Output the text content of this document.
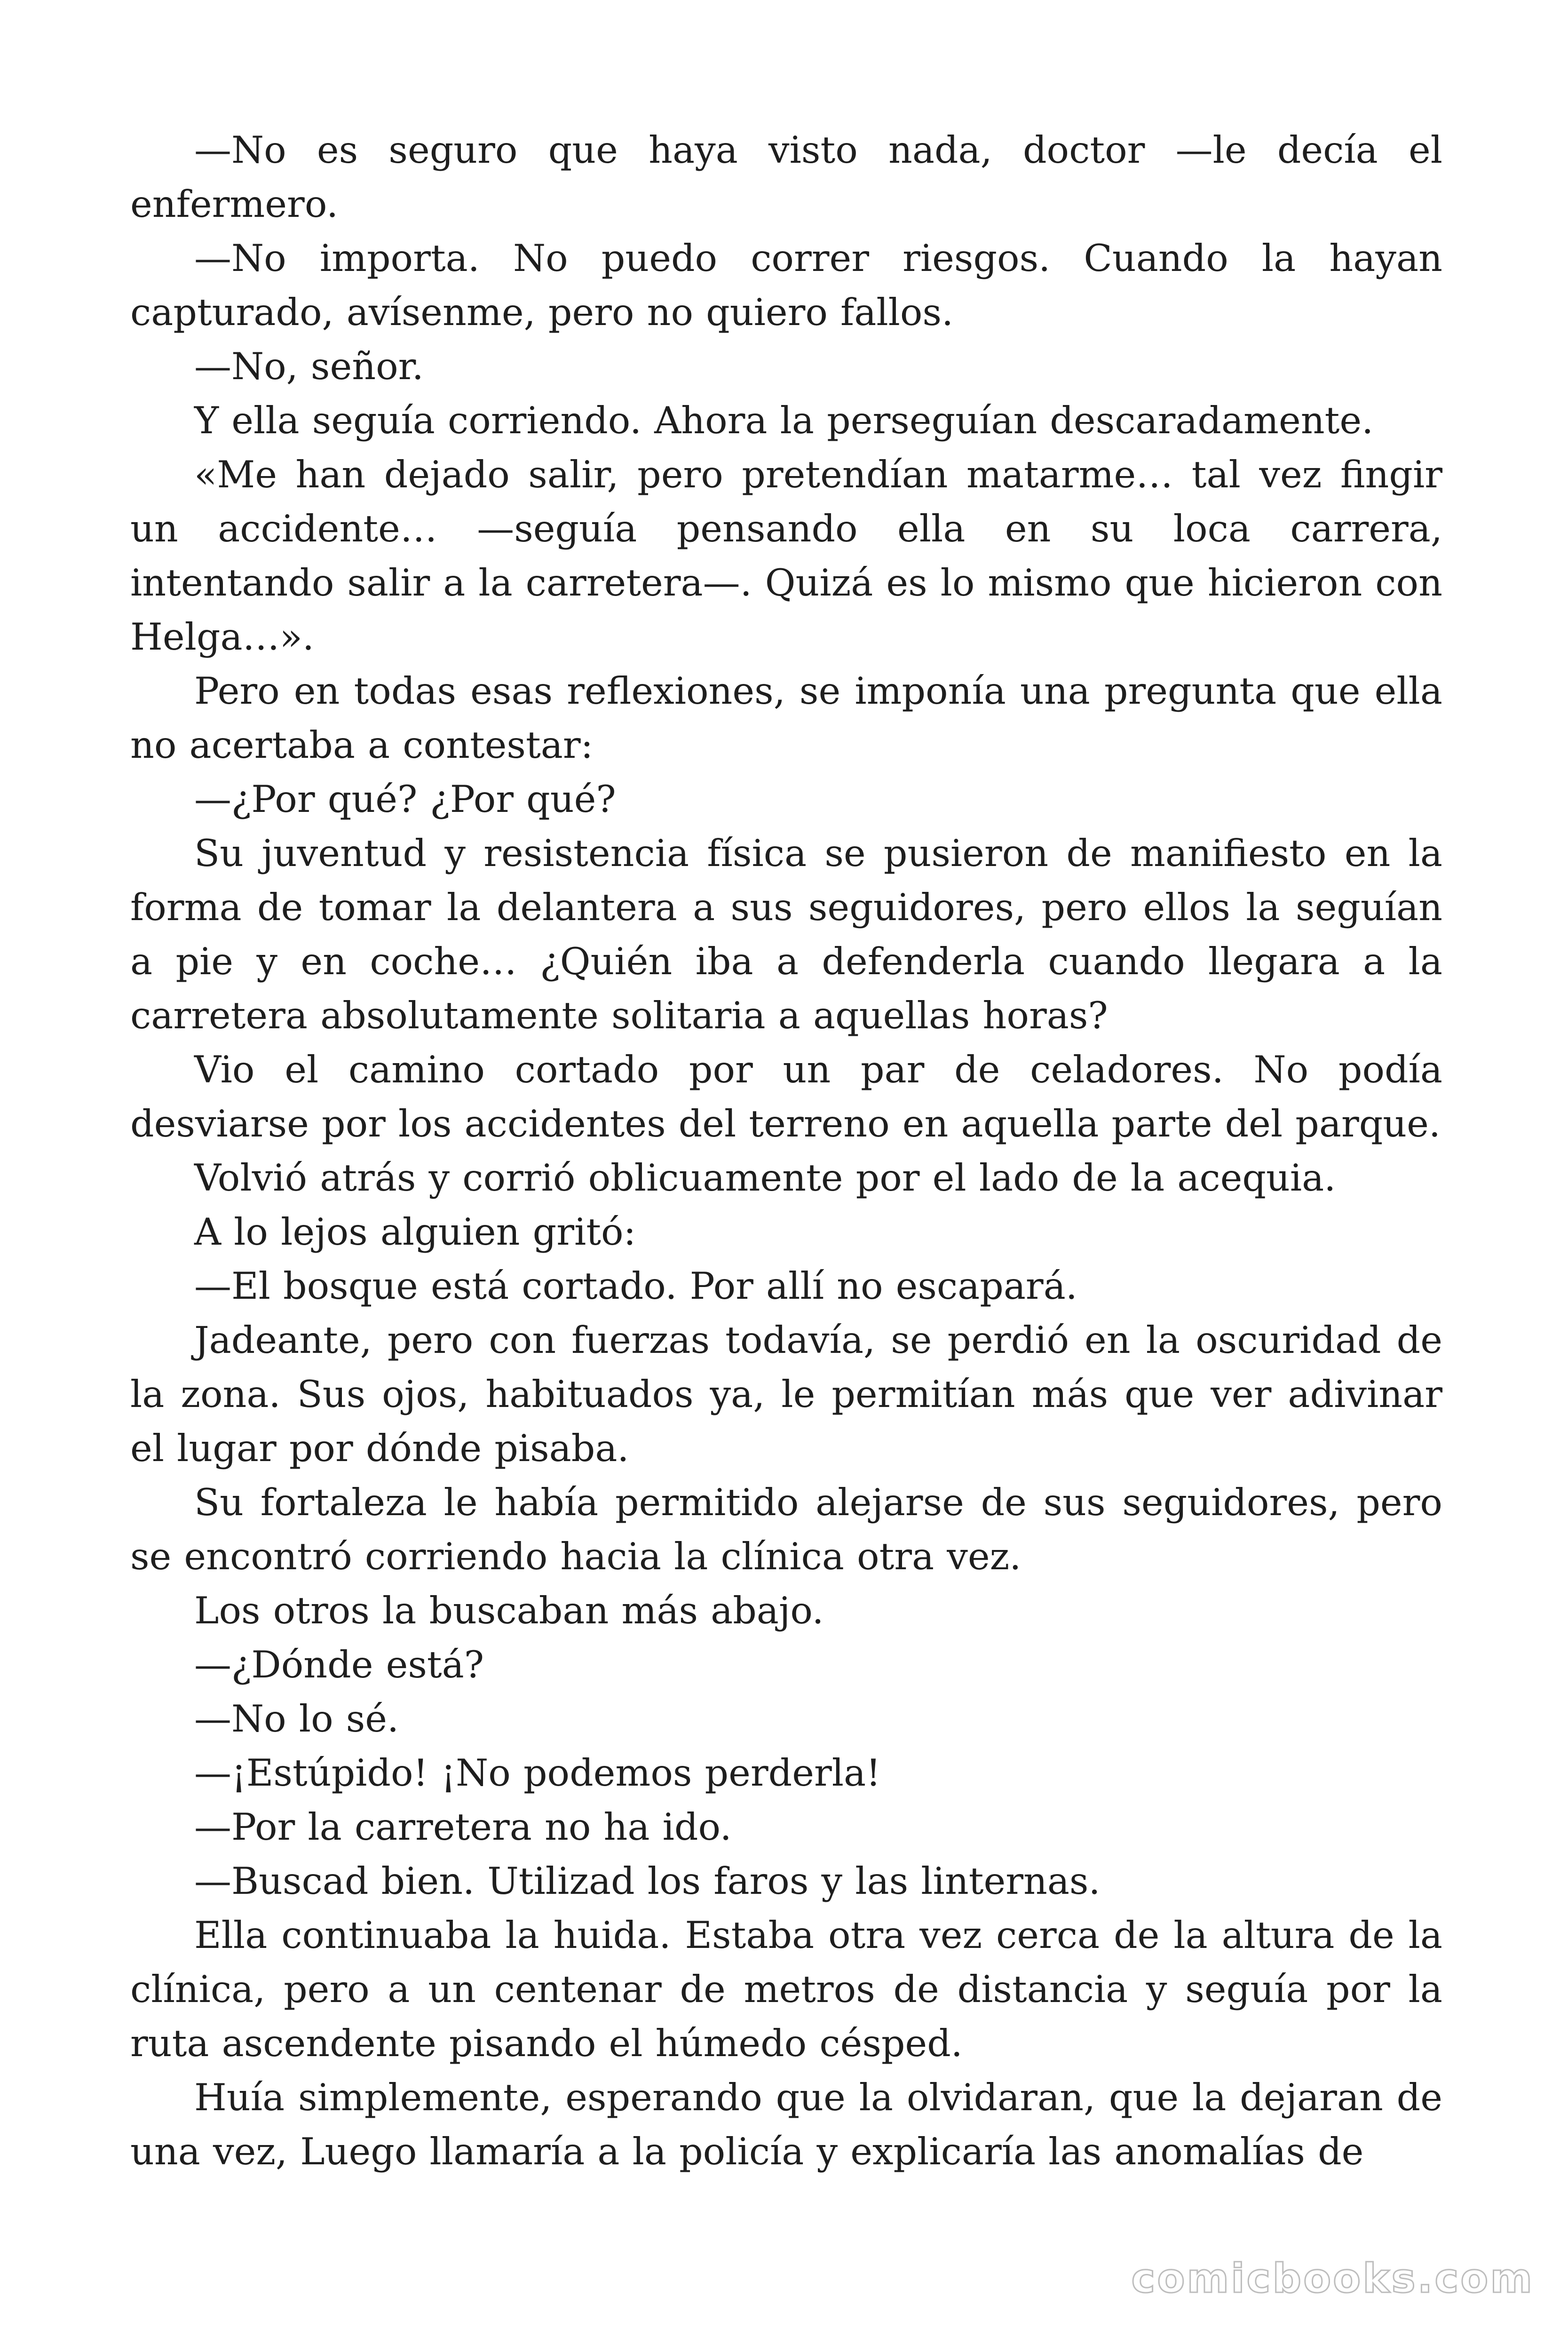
—No es seguro que haya visto nada, doctor —le decía el enfermero.

—No importa. No puedo correr riesgos. Cuando la hayan capturado, avísenme, pero no quiero fallos.

—No, señor.

Y ella seguía corriendo. Ahora la perseguían descaradamente.

«Me han dejado salir, pero pretendían matarme… tal vez fingir un accidente… —seguía pensando ella en su loca carrera, intentando salir a la carretera—. Quizá es lo mismo que hicieron con Helga…».

Pero en todas esas reflexiones, se imponía una pregunta que ella no acertaba a contestar:

—¿Por qué? ¿Por qué?

Su juventud y resistencia física se pusieron de manifiesto en la forma de tomar la delantera a sus seguidores, pero ellos la seguían a pie y en coche… ¿Quién iba a defenderla cuando llegara a la carretera absolutamente solitaria a aquellas horas?

Vio el camino cortado por un par de celadores. No podía desviarse por los accidentes del terreno en aquella parte del parque.

Volvió atrás y corrió oblicuamente por el lado de la acequia.

A lo lejos alguien gritó:

—El bosque está cortado. Por allí no escapará.

Jadeante, pero con fuerzas todavía, se perdió en la oscuridad de la zona. Sus ojos, habituados ya, le permitían más que ver adivinar el lugar por dónde pisaba.

Su fortaleza le había permitido alejarse de sus seguidores, pero se encontró corriendo hacia la clínica otra vez.

Los otros la buscaban más abajo.

—¿Dónde está?

—No lo sé.

—¡Estúpido! ¡No podemos perderla!

—Por la carretera no ha ido.

—Buscad bien. Utilizad los faros y las linternas.

Ella continuaba la huida. Estaba otra vez cerca de la altura de la clínica, pero a un centenar de metros de distancia y seguía por la ruta ascendente pisando el húmedo césped.

Huía simplemente, esperando que la olvidaran, que la dejaran de una vez, Luego llamaría a la policía y explicaría las anomalías de

comicbooks.com
